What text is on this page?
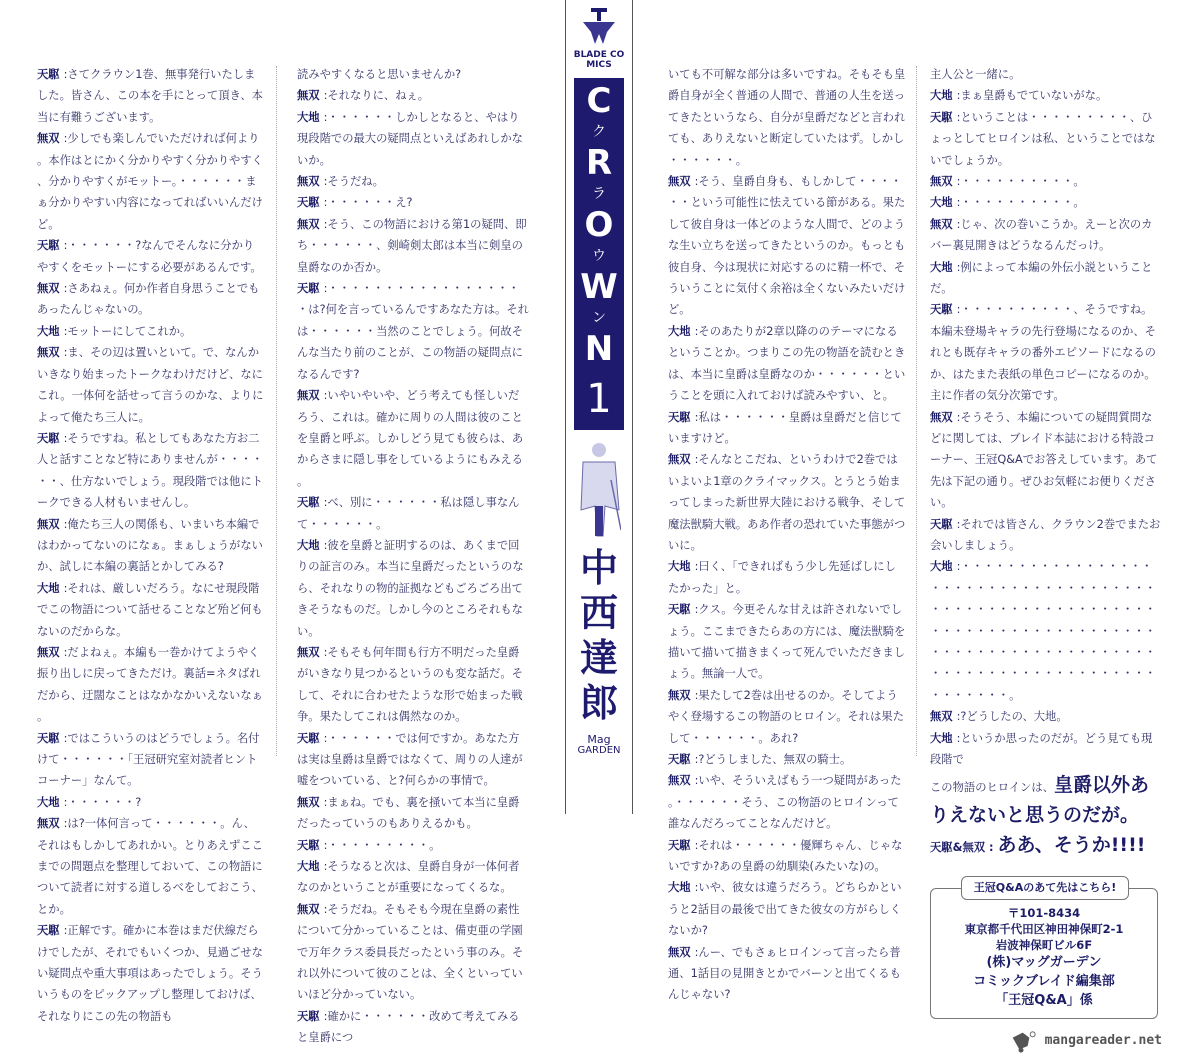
天駆 :さてクラウン1巻、無事発行いたしました。皆さん、この本を手にとって頂き、本当に有難うございます。

無双 :少しでも楽しんでいただければ何より。本作はとにかく分かりやすく分かりやすく、分かりやすくがモットー。・・・・・・まぁ分かりやすい内容になってればいいんだけど。

天駆 :・・・・・・?なんでそんなに分かりやすくをモットーにする必要があるんです。

無双 :さあねぇ。何か作者自身思うことでもあったんじゃないの。

大地 :モットーにしてこれか。

無双 :ま、その辺は置いといて。で、なんかいきなり始まったトークなわけだけど、なにこれ。一体何を話せって言うのかな、よりによって俺たち三人に。

天駆 :そうですね。私としてもあなた方お二人と話すことなど特にありませんが・・・・・・、仕方ないでしょう。現段階では他にトークできる人材もいませんし。

無双 :俺たち三人の関係も、いまいち本編ではわかってないのになぁ。まぁしょうがないか、試しに本編の裏話とかしてみる?

大地 :それは、厳しいだろう。なにせ現段階でこの物語について話せることなど殆ど何もないのだからな。

無双 :だよねぇ。本編も一巻かけてようやく振り出しに戻ってきただけ。裏話=ネタばれだから、迂闊なことはなかなかいえないなぁ。

天駆 :ではこういうのはどうでしょう。名付けて・・・・・・「王冠研究室対読者ヒントコーナー」なんて。

大地 :・・・・・・?

無双 :は?一体何言って・・・・・・。ん、それはもしかしてあれかい。とりあえずここまでの問題点を整理しておいて、この物語について読者に対する道しるべをしておこう、とか。

天駆 :正解です。確かに本巻はまだ伏線だらけでしたが、それでもいくつか、見過ごせない疑問点や重大事項はあったでしょう。そういうものをピックアップし整理しておけば、それなりにこの先の物語も

読みやすくなると思いませんか?

無双 :それなりに、ねぇ。

大地 :・・・・・・しかしとなると、やはり現段階での最大の疑問点といえばあれしかないか。

無双 :そうだね。

天駆 :・・・・・・え?

無双 :そう、この物語における第1の疑問、即ち・・・・・・、剣崎剣太郎は本当に剣皇の皇爵なのか否か。

天駆 :・・・・・・・・・・・・・・・・・・は?何を言っているんですあなた方は。それは・・・・・・当然のことでしょう。何故そんな当たり前のことが、この物語の疑問点になるんです?

無双 :いやいやいや、どう考えても怪しいだろう、これは。確かに周りの人間は彼のことを皇爵と呼ぶ。しかしどう見ても彼らは、あからさまに隠し事をしているようにもみえる。

天駆 :べ、別に・・・・・・私は隠し事なんて・・・・・・。

大地 :彼を皇爵と証明するのは、あくまで回りの証言のみ。本当に皇爵だったというのなら、それなりの物的証拠などもごろごろ出てきそうなものだ。しかし今のところそれもない。

無双 :そもそも何年間も行方不明だった皇爵がいきなり見つかるというのも変な話だ。そして、それに合わせたような形で始まった戦争。果たしてこれは偶然なのか。

天駆 :・・・・・・では何ですか。あなた方は実は皇爵は皇爵ではなくて、周りの人達が嘘をついている、と?何らかの事情で。

無双 :まぁね。でも、裏を掻いて本当に皇爵だったっていうのもありえるかも。

天駆 :・・・・・・・・・。

大地 :そうなると次は、皇爵自身が一体何者なのかということが重要になってくるな。

無双 :そうだね。そもそも今現在皇爵の素性について分かっていることは、備吏亜の学園で万年クラス委員長だったという事のみ。それ以外について彼のことは、全くといっていいほど分かっていない。

天駆 :確かに・・・・・・改めて考えてみると皇爵につ

BLADE COMICS
C
ク
R
ラ
O
ウ
W
ン
N
1
中西達郎
Mag
GARDEN

いても不可解な部分は多いですね。そもそも皇爵自身が全く普通の人間で、普通の人生を送ってきたというなら、自分が皇爵だなどと言われても、ありえないと断定していたはず。しかし・・・・・・。

無双 :そう、皇爵自身も、もしかして・・・・・・という可能性に怯えている節がある。果たして彼自身は一体どのような人間で、どのような生い立ちを送ってきたというのか。もっとも彼自身、今は現状に対応するのに精一杯で、そういうことに気付く余裕は全くないみたいだけど。

大地 :そのあたりが2章以降ののテーマになるということか。つまりこの先の物語を読むときは、本当に皇爵は皇爵なのか・・・・・・ということを頭に入れておけば読みやすい、と。

天駆 :私は・・・・・・皇爵は皇爵だと信じていますけど。

無双 :そんなとこだね、というわけで2巻ではいよいよ1章のクライマックス。とうとう始まってしまった新世界大陸における戦争、そして魔法獣騎大戦。ああ作者の恐れていた事態がついに。

大地 :曰く、「できればもう少し先延ばしにしたかった」と。

天駆 :クス。今更そんな甘えは許されないでしょう。ここまできたらあの方には、魔法獣騎を描いて描いて描きまくって死んでいただきましょう。無論一人で。

無双 :果たして2巻は出せるのか。そしてようやく登場するこの物語のヒロイン。それは果たして・・・・・・。あれ?

天駆 :?どうしました、無双の騎士。

無双 :いや、そういえばもう一つ疑問があった。・・・・・・そう、この物語のヒロインって誰なんだろってことなんだけど。

天駆 :それは・・・・・・優輝ちゃん、じゃないですか?あの皇爵の幼馴染(みたいな)の。

大地 :いや、彼女は違うだろう。どちらかというと2話目の最後で出てきた彼女の方がらしくないか?

無双 :んー、でもさぁヒロインって言ったら普通、1話目の見開きとかでバーンと出てくるもんじゃない?

主人公と一緒に。

大地 :まぁ皇爵もでていないがな。

天駆 :ということは・・・・・・・・・、ひょっとしてヒロインは私、ということではないでしょうか。

無双 :・・・・・・・・・・。

大地 :・・・・・・・・・・。

無双 :じゃ、次の巻いこうか。えーと次のカバー裏見開きはどうなるんだっけ。

大地 :例によって本編の外伝小説ということだ。

天駆 :・・・・・・・・・・、そうですね。本編未登場キャラの先行登場になるのか、それとも既存キャラの番外エピソードになるのか、はたまた表紙の単色コピーになるのか。主に作者の気分次第です。

無双 :そうそう、本編についての疑問質問などに関しては、ブレイド本誌における特設コーナー、王冠Q&Aでお答えしています。あて先は下記の通り。ぜひお気軽にお便りください。

天駆 :それでは皆さん、クラウン2巻でまたお会いしましょう。

大地 :・・・・・・・・・・・・・・・・・・・・・・・・・・・・・・・・・・・・・・・・・・・・・・・・・・・・・・・・・・・・・・・・・・・・・・・・・・・・・・・・・・・・・・・・・・・・・・・・・・・・・・・・・・・・・・・・・・・・・・・・・・・・。

無双 :?どうしたの、大地。

大地 :というか思ったのだが。どう見ても現段階で

この物語のヒロインは、皇爵以外ありえないと思うのだが。

天駆&無双 : ああ、そうか!!!!

王冠Q&Aのあて先はこちら!
〒101-8434
東京都千代田区神田神保町2-1
岩波神保町ビル6F
(株)マッグガーデン
コミックブレイド編集部
「王冠Q&A」係
mangareader.net
